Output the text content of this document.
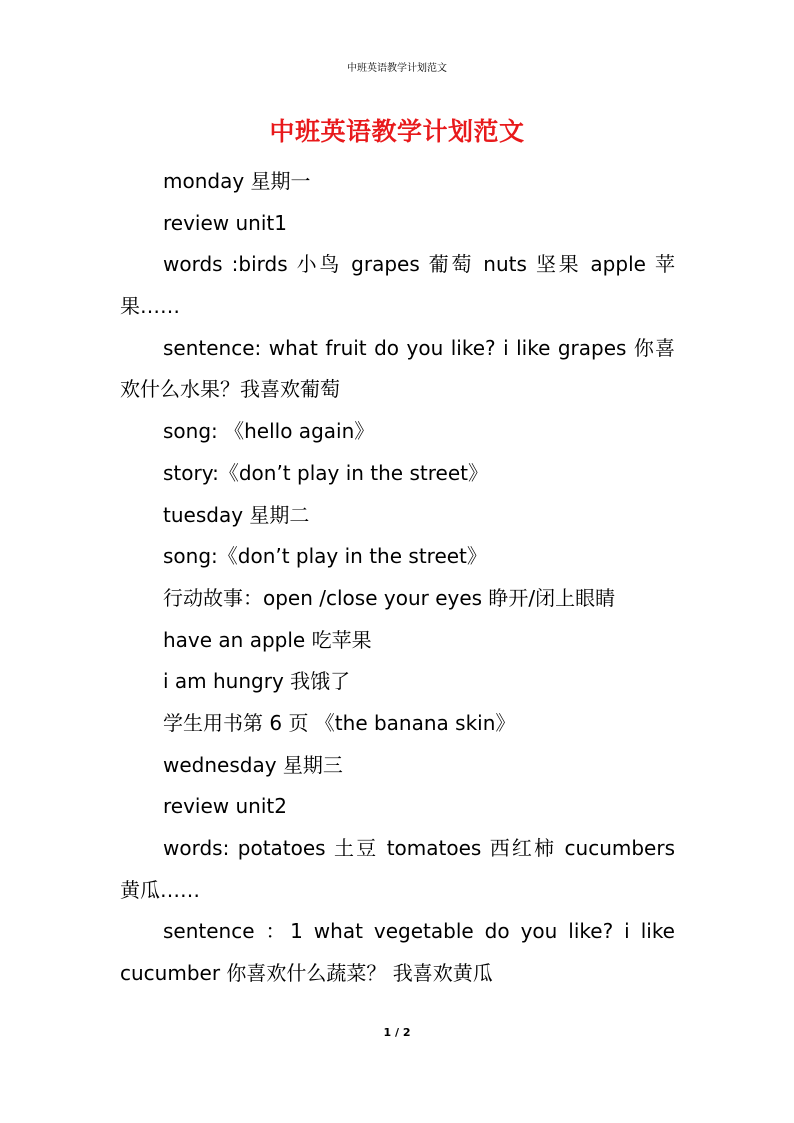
中班英语教学计划范文
中班英语教学计划范文
monday 星期一
review unit1
words :birds 小鸟 grapes 葡萄 nuts 坚果 apple 苹果……
sentence: what fruit do you like? i like grapes 你喜欢什么水果？我喜欢葡萄
song: 《hello again》
story:《don’t play in the street》
tuesday 星期二
song:《don’t play in the street》
行动故事：open /close your eyes 睁开/闭上眼睛
have an apple 吃苹果
i am hungry 我饿了
学生用书第 6 页 《the banana skin》
wednesday 星期三
review unit2
words: potatoes 土豆 tomatoes 西红柿 cucumbers 黄瓜……
sentence ：1 what vegetable do you like? i like cucumber 你喜欢什么蔬菜？ 我喜欢黄瓜
1 / 2
